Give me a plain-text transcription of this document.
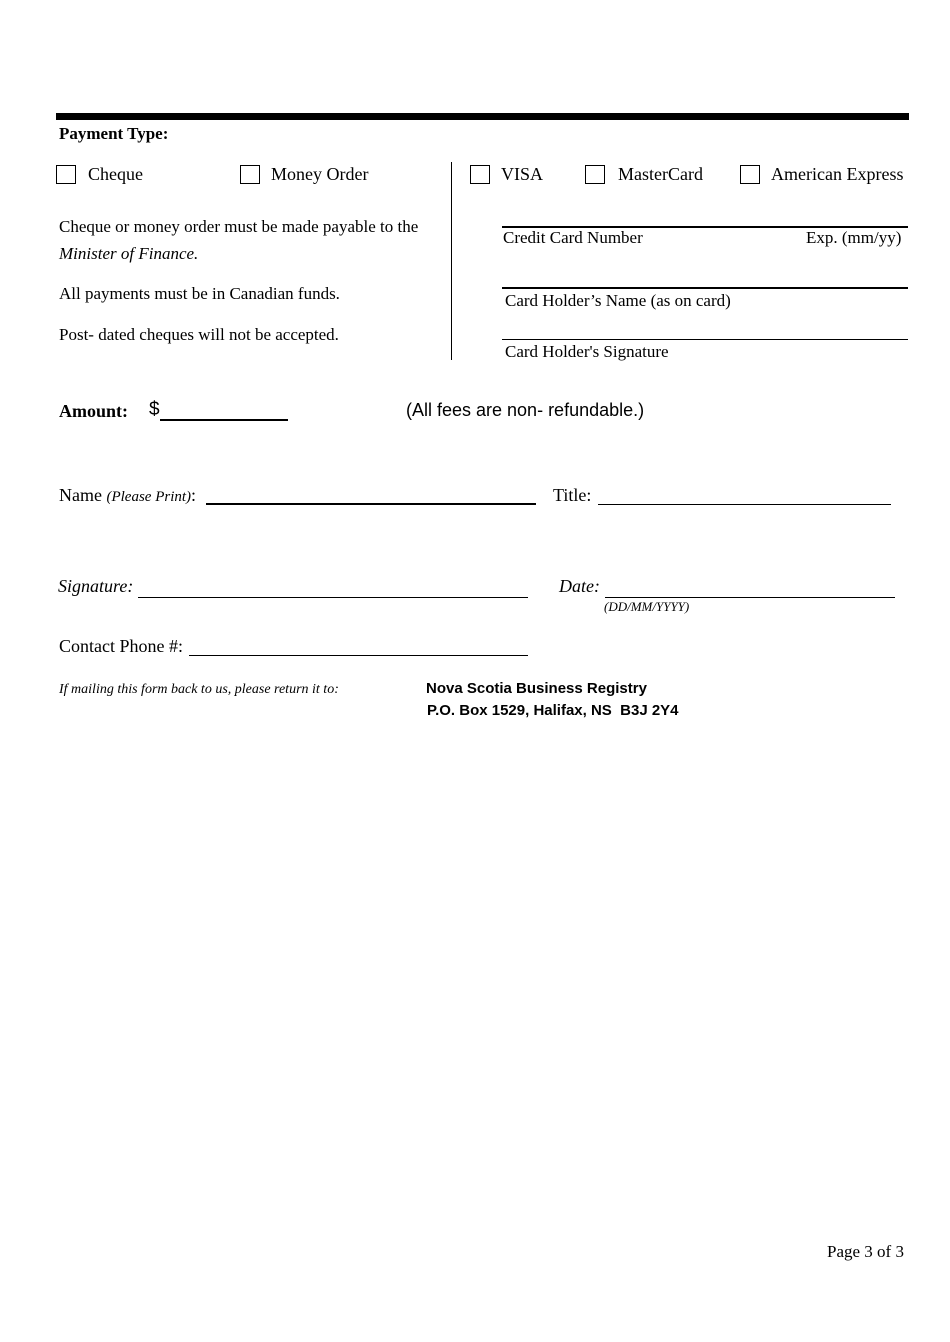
Payment Type:
Cheque	Money Order	VISA	MasterCard	American Express
Cheque or money order must be made payable to the
Minister of Finance.
All payments must be in Canadian funds.
Post- dated cheques will not be accepted.
Credit Card Number	Exp. (mm/yy)
Card Holder’s Name (as on card)
Card Holder's Signature
Amount: $	(All fees are non- refundable.)
Name (Please Print):	Title:
Signature:	Date:
(DD/MM/YYYY)
Contact Phone #:
If mailing this form back to us, please return it to:	Nova Scotia Business Registry
P.O. Box 1529, Halifax, NS  B3J 2Y4
Page 3 of 3
